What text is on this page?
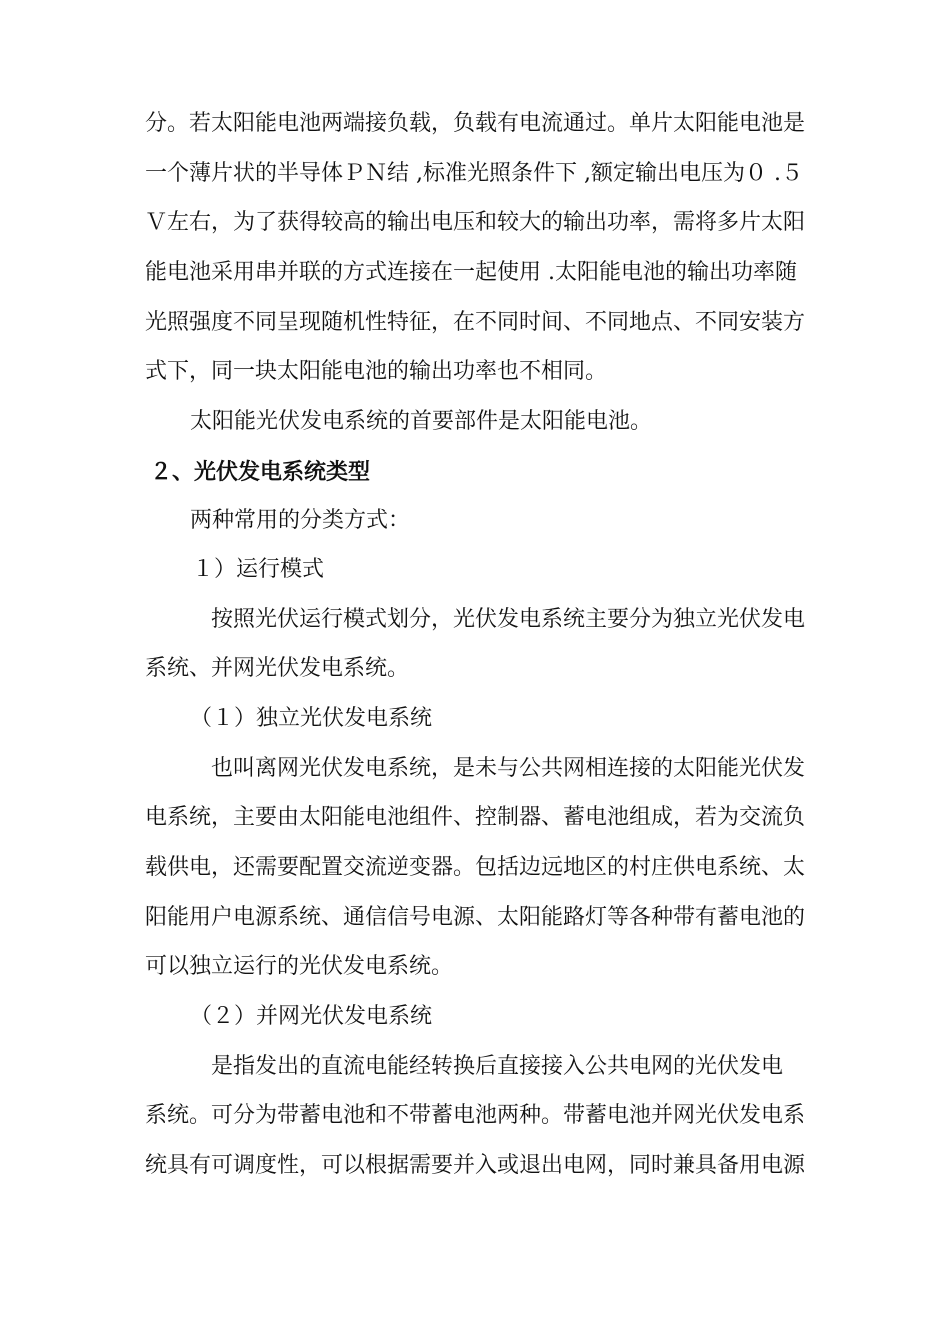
分。若太阳能电池两端接负载，负载有电流通过。单片太阳能电池是
一个薄片状的半导体ＰＮ结 ,标准光照条件下 ,额定输出电压为０ .５
Ｖ左右，为了获得较高的输出电压和较大的输出功率，需将多片太阳
能电池采用串并联的方式连接在一起使用 .太阳能电池的输出功率随
光照强度不同呈现随机性特征，在不同时间、不同地点、不同安装方
式下，同一块太阳能电池的输出功率也不相同。
太阳能光伏发电系统的首要部件是太阳能电池。
２、光伏发电系统类型
两种常用的分类方式：
１）运行模式
按照光伏运行模式划分，光伏发电系统主要分为独立光伏发电
系统、并网光伏发电系统。
（１）独立光伏发电系统
也叫离网光伏发电系统，是未与公共网相连接的太阳能光伏发
电系统，主要由太阳能电池组件、控制器、蓄电池组成，若为交流负
载供电，还需要配置交流逆变器。包括边远地区的村庄供电系统、太
阳能用户电源系统、通信信号电源、太阳能路灯等各种带有蓄电池的
可以独立运行的光伏发电系统。
（２）并网光伏发电系统
是指发出的直流电能经转换后直接接入公共电网的光伏发电
系统。可分为带蓄电池和不带蓄电池两种。带蓄电池并网光伏发电系
统具有可调度性，可以根据需要并入或退出电网，同时兼具备用电源
